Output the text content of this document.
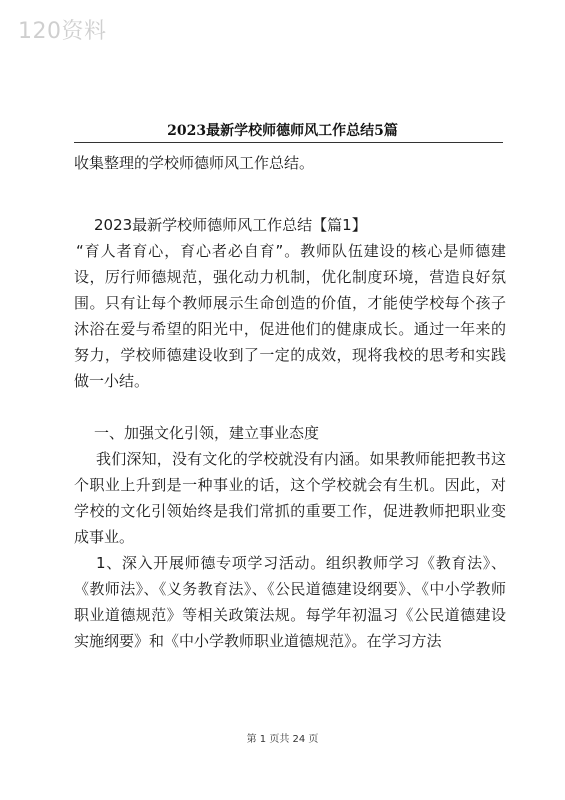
120资料
2023最新学校师德师风工作总结5篇
收集整理的学校师德师风工作总结。
2023最新学校师德师风工作总结【篇1】
“育人者育心，育心者必自育”。教师队伍建设的核心是师德建设，厉行师德规范，强化动力机制，优化制度环境，营造良好氛围。只有让每个教师展示生命创造的价值，才能使学校每个孩子沐浴在爱与希望的阳光中，促进他们的健康成长。通过一年来的努力，学校师德建设收到了一定的成效，现将我校的思考和实践做一小结。
一、加强文化引领，建立事业态度
我们深知，没有文化的学校就没有内涵。如果教师能把教书这个职业上升到是一种事业的话，这个学校就会有生机。因此，对学校的文化引领始终是我们常抓的重要工作，促进教师把职业变成事业。
1、深入开展师德专项学习活动。组织教师学习《教育法》、《教师法》、《义务教育法》、《公民道德建设纲要》、《中小学教师职业道德规范》等相关政策法规。每学年初温习《公民道德建设实施纲要》和《中小学教师职业道德规范》。在学习方法
第 1 页共 24 页
